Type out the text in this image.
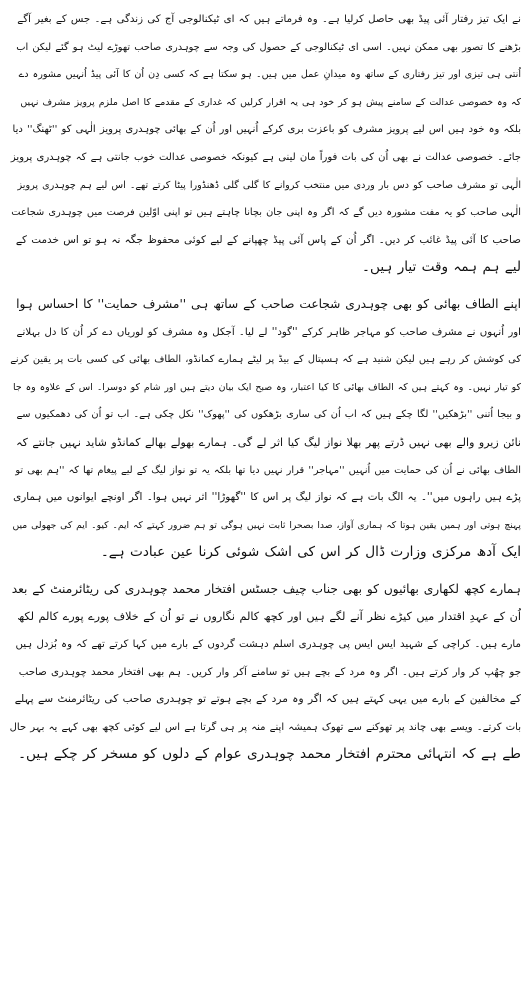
نے ایک تیز رفتار آئی پیڈ بھی حاصل کرلیا ہے۔ وہ فرماتے ہیں کہ ای ٹیکنالوجی آج کی زندگی ہے۔ جس کے بغیر آگے
بڑھنے کا تصور بھی ممکن نہیں۔ اسی ای ٹیکنالوجی کے حصول کی وجہ سے چوہدری صاحب تھوڑے لیٹ ہو گئے لیکن اب
اُنتی ہی تیزی اور تیز رفتاری کے ساتھ وہ میدانِ عمل میں ہیں۔ ہو سکتا ہے کہ کسی دِن اُن کا آئی پیڈ اُنہیں مشورہ دے
کہ وہ خصوصی عدالت کے سامنے پیش ہو کر خود ہی یہ اقرار کرلیں کہ غداری کے مقدمے کا اصل ملزم پرویز مشرف نہیں
بلکہ وہ خود ہیں اس لیے پرویز مشرف کو باعزت بری کرکے اُنہیں اور اُن کے بھائی چوہدری پرویز الٰہی کو ''ٹھنگ'' دیا
جائے۔ خصوصی عدالت نے بھی اُن کی بات فوراً مان لینی ہے کیونکہ خصوصی عدالت خوب جانتی ہے کہ چوہدری پرویز
الٰہی تو مشرف صاحب کو دس بار وردی میں منتخب کروانے کا گلی گلی ڈھنڈورا پیٹا کرتے تھے۔ اس لیے ہم چوہدری پرویز
الٰہی صاحب کو یہ مفت مشورہ دیں گے کہ اگر وہ اپنی جان بچانا چاہتے ہیں تو اپنی اوّلین فرصت میں چوہدری شجاعت
صاحب کا آئی پیڈ غائب کر دیں۔ اگر اُن کے پاس آئی پیڈ چھپانے کے لیے کوئی محفوظ جگہ نہ ہو تو اس خدمت کے
لیے ہم ہمہ وقت تیار ہیں۔
اپنے الطاف بھائی کو بھی چوہدری شجاعت صاحب کے ساتھ ہی ''مشرف حمایت'' کا احساس ہوا
اور اُنہوں نے مشرف صاحب کو مہاجر ظاہر کرکے ''گود'' لے لیا۔ آجکل وہ مشرف کو لوریاں دے کر اُن کا دل بہلانے
کی کوشش کر رہے ہیں لیکن شنید ہے کہ ہسپتال کے بیڈ پر لیٹے ہمارے کمانڈو، الطاف بھائی کی کسی بات پر یقین کرنے
کو تیار نہیں۔ وہ کہتے ہیں کہ الطاف بھائی کا کیا اعتبار، وہ صبح ایک بیان دیتے ہیں اور شام کو دوسرا۔ اس کے علاوہ وہ جا
و بیجا اُتنی ''بڑھکیں'' لگا چکے ہیں کہ اب اُن کی ساری بڑھکوں کی ''پھوک'' نکل چکی ہے۔ اب تو اُن کی دھمکیوں سے
نائن زیرو والے بھی نہیں ڈرتے پھر بھلا نواز لیگ کیا اثر لے گی۔ ہمارے بھولے بھالے کمانڈو شاید نہیں جانتے کہ
الطاف بھائی نے اُن کی حمایت میں اُنہیں ''مہاجر'' قرار نہیں دیا تھا بلکہ یہ تو نواز لیگ کے لیے پیغام تھا کہ ''ہم بھی تو
پڑے ہیں راہوں میں''۔ یہ الگ بات ہے کہ نواز لیگ پر اس کا ''گھوڑا'' اثر نہیں ہوا۔ اگر اونچے ایوانوں میں ہماری
پہنچ ہوتی اور ہمیں یقین ہوتا کہ ہماری آواز، صدا بصحرا ثابت نہیں ہوگی تو ہم ضرور کہتے کہ ایم۔ کیو۔ ایم کی جھولی میں
ایک آدھ مرکزی وزارت ڈال کر اس کی اشک شوئی کرنا عین عبادت ہے۔
ہمارے کچھ لکھاری بھائیوں کو بھی جناب چیف جسٹس افتخار محمد چوہدری کی ریٹائرمنٹ کے بعد
اُن کے عہدِ اقتدار میں کیڑے نظر آنے لگے ہیں اور کچھ کالم نگاروں نے تو اُن کے خلاف پورے پورے کالم لکھ
مارے ہیں۔ کراچی کے شہید ایس ایس پی چوہدری اسلم دہشت گردوں کے بارے میں کہا کرتے تھے کہ وہ بُزدل ہیں
جو چھُپ کر وار کرتے ہیں۔ اگر وہ مرد کے بچے ہیں تو سامنے آکر وار کریں۔ ہم بھی افتخار محمد چوہدری صاحب
کے مخالفین کے بارے میں یہی کہتے ہیں کہ اگر وہ مرد کے بچے ہوتے تو چوہدری صاحب کی ریٹائرمنٹ سے پہلے
بات کرتے۔ ویسے بھی چاند پر تھوکنے سے تھوک ہمیشہ اپنے منہ پر ہی گرتا ہے اس لیے کوئی کچھ بھی کہے یہ بہر حال
طے ہے کہ انتہائی محترم افتخار محمد چوہدری عوام کے دلوں کو مسخر کر چکے ہیں۔
